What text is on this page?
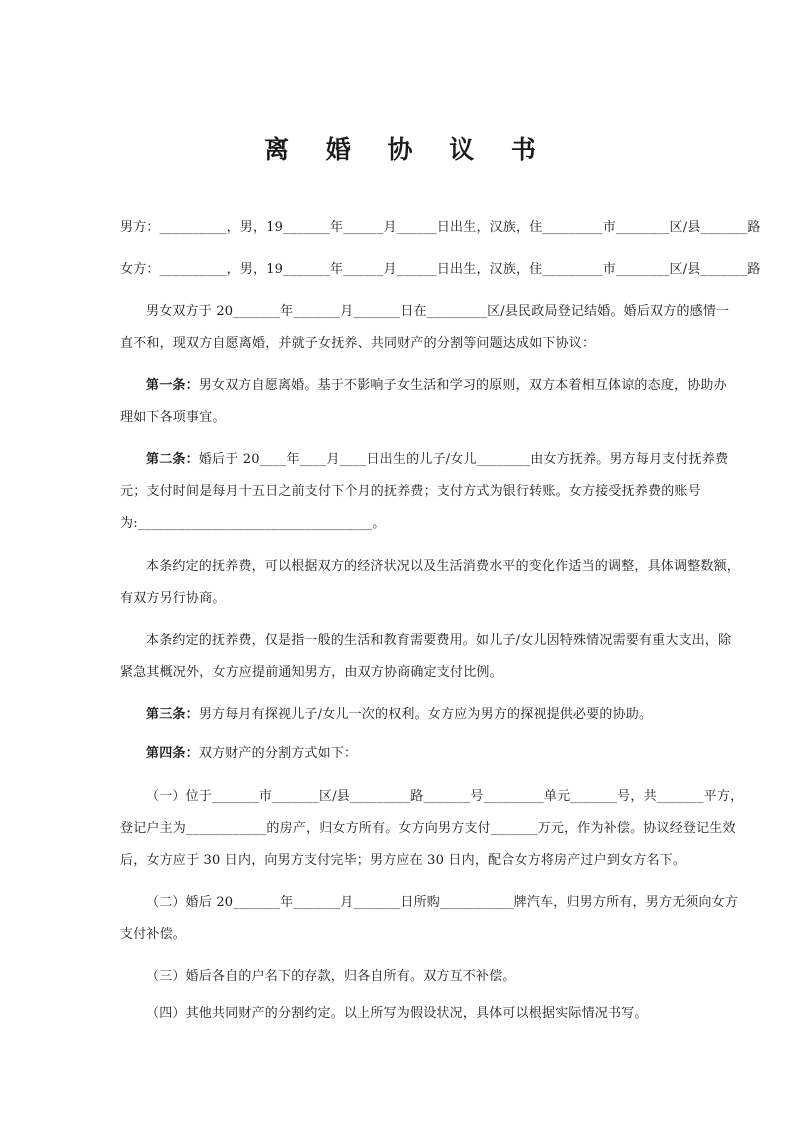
离 婚 协 议 书
男方：__________，男，19_______年______月______日出生，汉族，住_________市________区/县_______路
女方：__________，男，19_______年______月______日出生，汉族，住_________市________区/县_______路
男女双方于 20_______年_______月_______日在_________区/县民政局登记结婚。婚后双方的感情一
直不和，现双方自愿离婚，并就子女抚养、共同财产的分割等问题达成如下协议：
第一条：男女双方自愿离婚。基于不影响子女生活和学习的原则，双方本着相互体谅的态度，协助办
理如下各项事宜。
第二条：婚后于 20____年____月____日出生的儿子/女儿________由女方抚养。男方每月支付抚养费
元；支付时间是每月十五日之前支付下个月的抚养费；支付方式为银行转账。女方接受抚养费的账号
为:___________________________________。
本条约定的抚养费，可以根据双方的经济状况以及生活消费水平的变化作适当的调整，具体调整数额，
有双方另行协商。
本条约定的抚养费，仅是指一般的生活和教育需要费用。如儿子/女儿因特殊情况需要有重大支出，除
紧急其概况外，女方应提前通知男方，由双方协商确定支付比例。
第三条：男方每月有探视儿子/女儿一次的权利。女方应为男方的探视提供必要的协助。
第四条：双方财产的分割方式如下：
（一）位于_______市_______区/县_________路_______号_________单元_______号，共_______平方，
登记户主为____________的房产，归女方所有。女方向男方支付_______万元，作为补偿。协议经登记生效
后，女方应于 30 日内，向男方支付完毕；男方应在 30 日内，配合女方将房产过户到女方名下。
（二）婚后 20_______年_______月_______日所购___________牌汽车，归男方所有，男方无须向女方
支付补偿。
（三）婚后各自的户名下的存款，归各自所有。双方互不补偿。
（四）其他共同财产的分割约定。以上所写为假设状况，具体可以根据实际情况书写。
